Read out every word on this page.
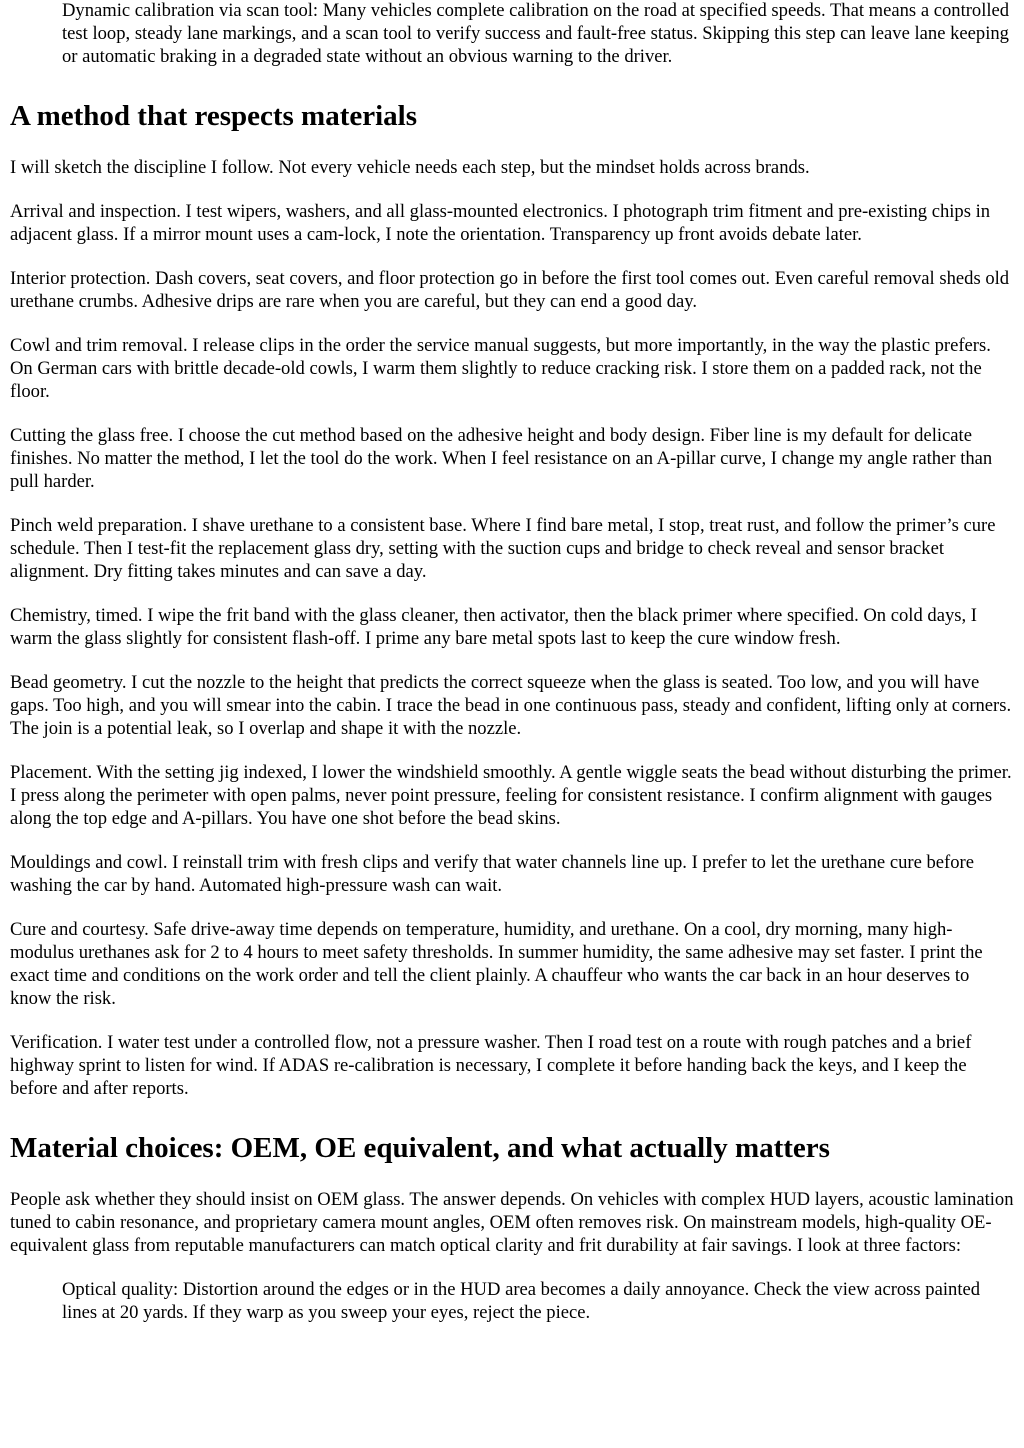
Dynamic calibration via scan tool: Many vehicles complete calibration on the road at specified speeds. That means a controlled test loop, steady lane markings, and a scan tool to verify success and fault-free status. Skipping this step can leave lane keeping or automatic braking in a degraded state without an obvious warning to the driver.

A method that respects materials

I will sketch the discipline I follow. Not every vehicle needs each step, but the mindset holds across brands.

Arrival and inspection. I test wipers, washers, and all glass-mounted electronics. I photograph trim fitment and pre-existing chips in adjacent glass. If a mirror mount uses a cam-lock, I note the orientation. Transparency up front avoids debate later.

Interior protection. Dash covers, seat covers, and floor protection go in before the first tool comes out. Even careful removal sheds old urethane crumbs. Adhesive drips are rare when you are careful, but they can end a good day.

Cowl and trim removal. I release clips in the order the service manual suggests, but more importantly, in the way the plastic prefers. On German cars with brittle decade-old cowls, I warm them slightly to reduce cracking risk. I store them on a padded rack, not the floor.

Cutting the glass free. I choose the cut method based on the adhesive height and body design. Fiber line is my default for delicate finishes. No matter the method, I let the tool do the work. When I feel resistance on an A-pillar curve, I change my angle rather than pull harder.

Pinch weld preparation. I shave urethane to a consistent base. Where I find bare metal, I stop, treat rust, and follow the primer’s cure schedule. Then I test-fit the replacement glass dry, setting with the suction cups and bridge to check reveal and sensor bracket alignment. Dry fitting takes minutes and can save a day.

Chemistry, timed. I wipe the frit band with the glass cleaner, then activator, then the black primer where specified. On cold days, I warm the glass slightly for consistent flash-off. I prime any bare metal spots last to keep the cure window fresh.

Bead geometry. I cut the nozzle to the height that predicts the correct squeeze when the glass is seated. Too low, and you will have gaps. Too high, and you will smear into the cabin. I trace the bead in one continuous pass, steady and confident, lifting only at corners. The join is a potential leak, so I overlap and shape it with the nozzle.

Placement. With the setting jig indexed, I lower the windshield smoothly. A gentle wiggle seats the bead without disturbing the primer. I press along the perimeter with open palms, never point pressure, feeling for consistent resistance. I confirm alignment with gauges along the top edge and A-pillars. You have one shot before the bead skins.

Mouldings and cowl. I reinstall trim with fresh clips and verify that water channels line up. I prefer to let the urethane cure before washing the car by hand. Automated high-pressure wash can wait.

Cure and courtesy. Safe drive-away time depends on temperature, humidity, and urethane. On a cool, dry morning, many high-modulus urethanes ask for 2 to 4 hours to meet safety thresholds. In summer humidity, the same adhesive may set faster. I print the exact time and conditions on the work order and tell the client plainly. A chauffeur who wants the car back in an hour deserves to know the risk.

Verification. I water test under a controlled flow, not a pressure washer. Then I road test on a route with rough patches and a brief highway sprint to listen for wind. If ADAS re-calibration is necessary, I complete it before handing back the keys, and I keep the before and after reports.

Material choices: OEM, OE equivalent, and what actually matters

People ask whether they should insist on OEM glass. The answer depends. On vehicles with complex HUD layers, acoustic lamination tuned to cabin resonance, and proprietary camera mount angles, OEM often removes risk. On mainstream models, high-quality OE-equivalent glass from reputable manufacturers can match optical clarity and frit durability at fair savings. I look at three factors:

Optical quality: Distortion around the edges or in the HUD area becomes a daily annoyance. Check the view across painted lines at 20 yards. If they warp as you sweep your eyes, reject the piece.
